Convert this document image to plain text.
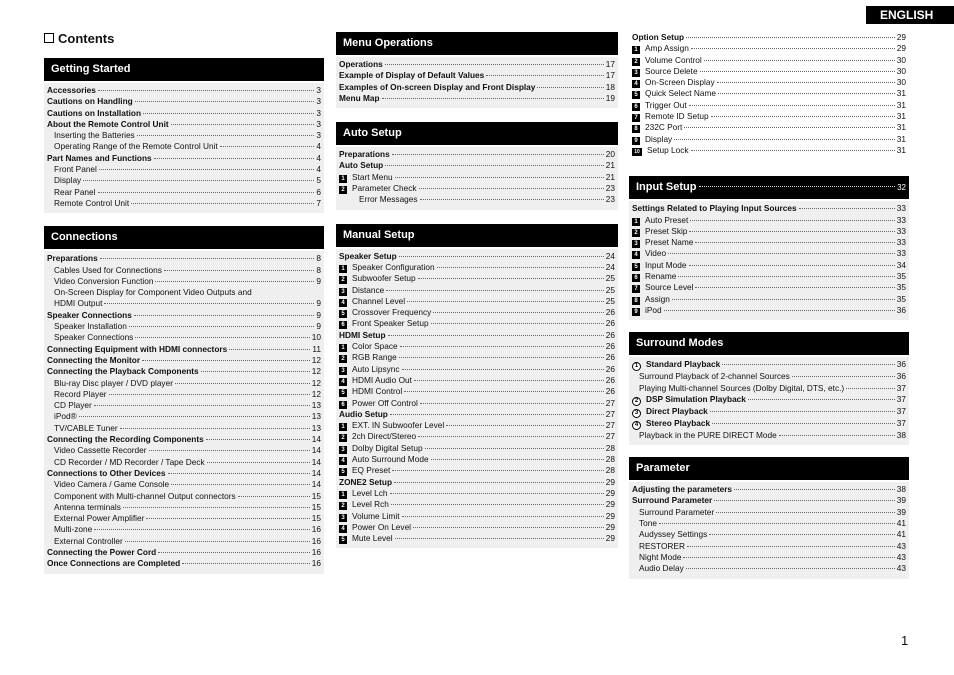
ENGLISH
Contents
Getting Started
Accessories	3
Cautions on Handling	3
Cautions on Installation	3
About the Remote Control Unit	3
Inserting the Batteries	3
Operating Range of the Remote Control Unit	4
Part Names and Functions	4
Front Panel	4
Display	5
Rear Panel	6
Remote Control Unit	7
Connections
Preparations	8
Cables Used for Connections	8
Video Conversion Function	9
On-Screen Display for Component Video Outputs and
HDMI Output	9
Speaker Connections	9
Speaker Installation	9
Speaker Connections	10
Connecting Equipment with HDMI connectors	11
Connecting the Monitor	12
Connecting the Playback Components	12
Blu-ray Disc player / DVD player	12
Record Player	12
CD Player	13
iPod®	13
TV/CABLE Tuner	13
Connecting the Recording Components	14
Video Cassette Recorder	14
CD Recorder / MD Recorder / Tape Deck	14
Connections to Other Devices	14
Video Camera / Game Console	14
Component with Multi-channel Output connectors	15
Antenna terminals	15
External Power Amplifier	15
Multi-zone	16
External Controller	16
Connecting the Power Cord	16
Once Connections are Completed	16
Menu Operations
Operations	17
Example of Display of Default Values	17
Examples of On-screen Display and Front Display	18
Menu Map	19
Auto Setup
Preparations	20
Auto Setup	21
1 Start Menu	21
2 Parameter Check	23
Error Messages	23
Manual Setup
Speaker Setup	24
1 Speaker Configuration	24
2 Subwoofer Setup	25
3 Distance	25
4 Channel Level	25
5 Crossover Frequency	26
6 Front Speaker Setup	26
HDMI Setup	26
1 Color Space	26
2 RGB Range	26
3 Auto Lipsync	26
4 HDMI Audio Out	26
5 HDMI Control	26
6 Power Off Control	27
Audio Setup	27
1 EXT. IN Subwoofer Level	27
2 2ch Direct/Stereo	27
3 Dolby Digital Setup	28
4 Auto Surround Mode	28
5 EQ Preset	28
ZONE2 Setup	29
1 Level Lch	29
2 Level Rch	29
3 Volume Limit	29
4 Power On Level	29
5 Mute Level	29
Option Setup	29
1 Amp Assign	29
2 Volume Control	30
3 Source Delete	30
4 On-Screen Display	30
5 Quick Select Name	31
6 Trigger Out	31
7 Remote ID Setup	31
8 232C Port	31
9 Display	31
10 Setup Lock	31
Input Setup	32
Settings Related to Playing Input Sources	33
1 Auto Preset	33
2 Preset Skip	33
3 Preset Name	33
4 Video	33
5 Input Mode	34
6 Rename	35
7 Source Level	35
8 Assign	35
9 iPod	36
Surround Modes
1 Standard Playback	36
Surround Playback of 2-channel Sources	36
Playing Multi-channel Sources (Dolby Digital, DTS, etc.)	37
2 DSP Simulation Playback	37
3 Direct Playback	37
4 Stereo Playback	37
Playback in the PURE DIRECT Mode	38
Parameter
Adjusting the parameters	38
Surround Parameter	39
Surround Parameter	39
Tone	41
Audyssey Settings	41
RESTORER	43
Night Mode	43
Audio Delay	43
1
